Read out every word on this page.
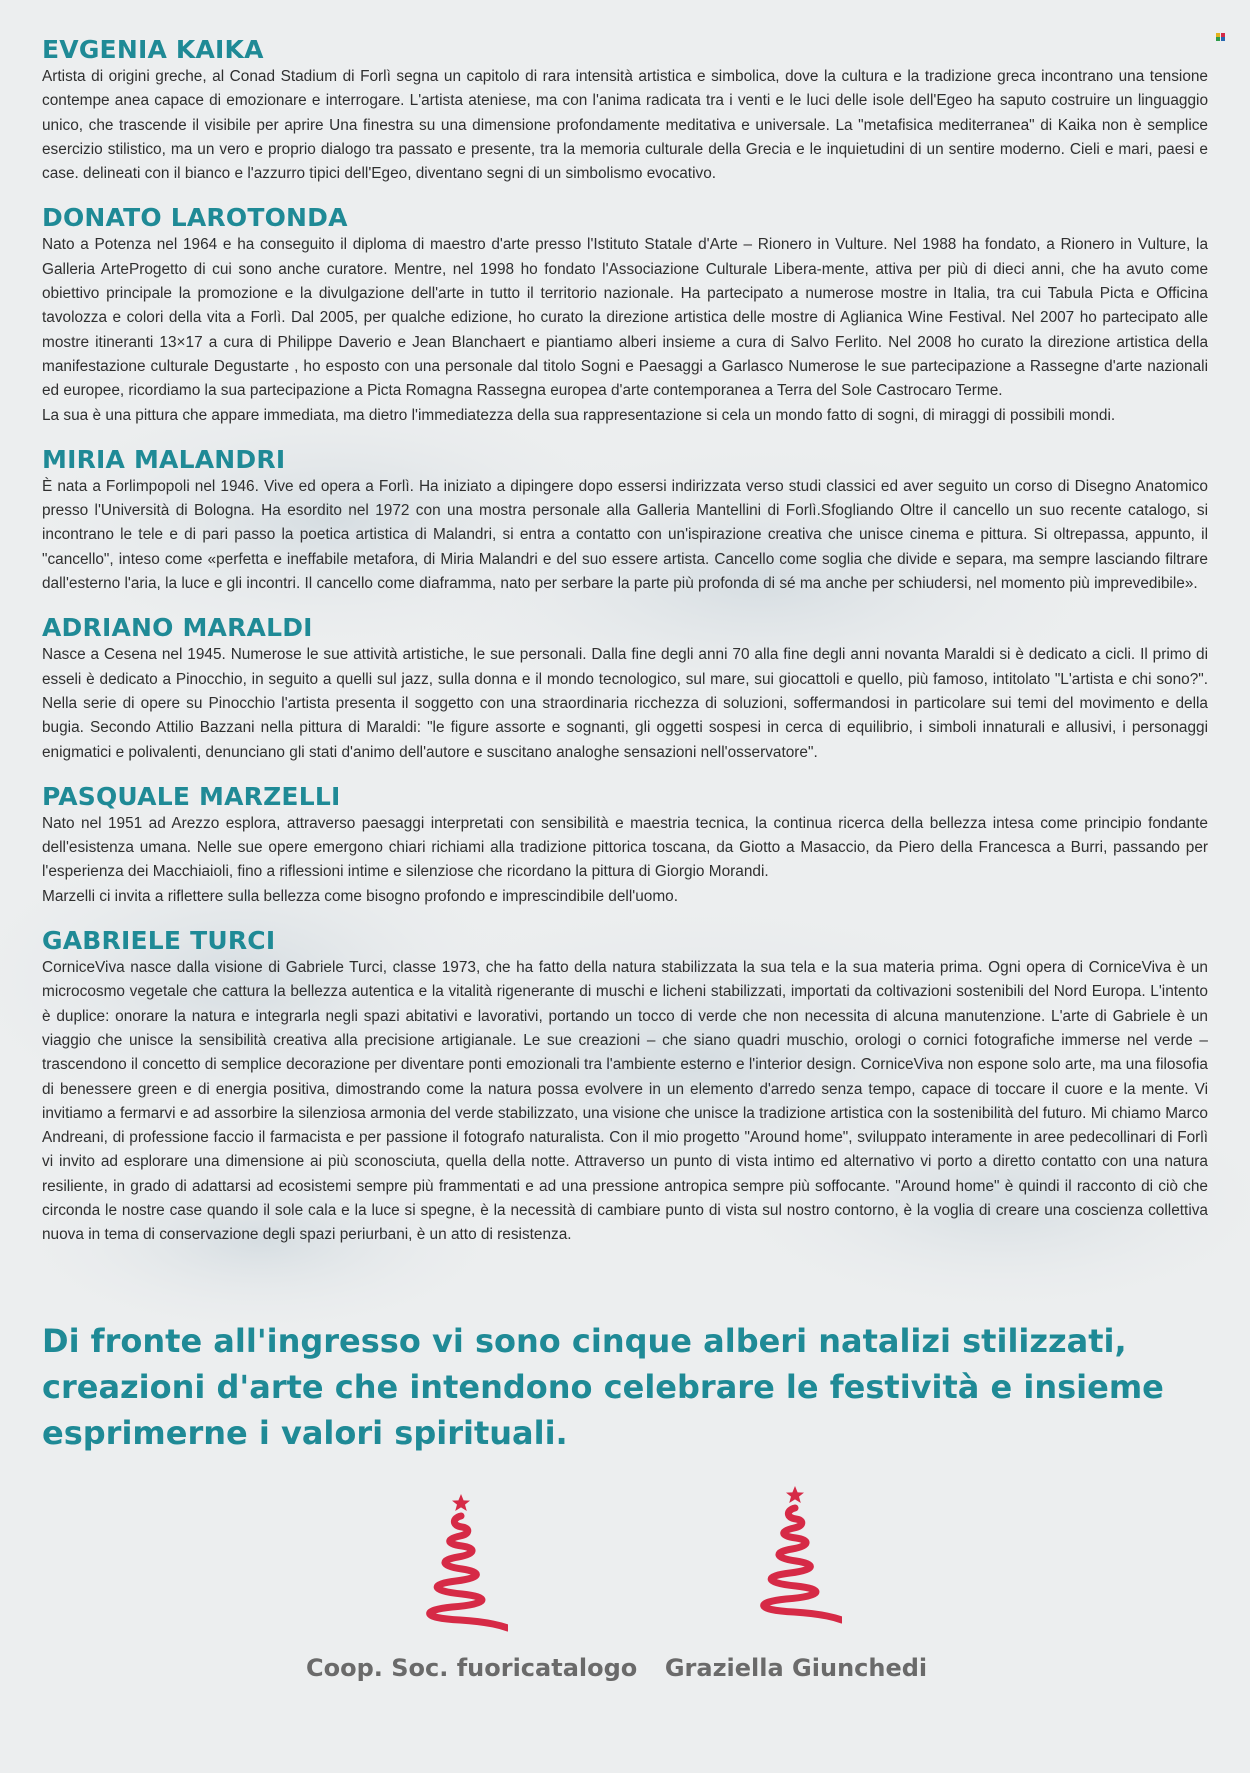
EVGENIA KAIKA

Artista di origini greche, al Conad Stadium di Forlì segna un capitolo di rara intensità artistica e simbolica, dove la cultura e la tradizione greca incontrano una tensione contempe anea capace di emozionare e interrogare. L'artista ateniese, ma con l'anima radicata tra i venti e le luci delle isole dell'Egeo ha saputo costruire un linguaggio unico, che trascende il visibile per aprire Una finestra su una dimensione profondamente meditativa e universale. La "metafisica mediterranea" di Kaika non è semplice esercizio stilistico, ma un vero e proprio dialogo tra passato e presente, tra la memoria culturale della Grecia e le inquietudini di un sentire moderno. Cieli e mari, paesi e case. delineati con il bianco e l'azzurro tipici dell'Egeo, diventano segni di un simbolismo evocativo.

DONATO LAROTONDA

Nato a Potenza nel 1964 e ha conseguito il diploma di maestro d'arte presso l'Istituto Statale d'Arte – Rionero in Vulture. Nel 1988 ha fondato, a Rionero in Vulture, la Galleria ArteProgetto di cui sono anche curatore. Mentre, nel 1998 ho fondato l'Associazione Culturale Libera-mente, attiva per più di dieci anni, che ha avuto come obiettivo principale la promozione e la divulgazione dell'arte in tutto il territorio nazionale. Ha partecipato a numerose mostre in Italia, tra cui Tabula Picta e Officina tavolozza e colori della vita a Forlì. Dal 2005, per qualche edizione, ho curato la direzione artistica delle mostre di Aglianica Wine Festival. Nel 2007 ho partecipato alle mostre itineranti 13×17 a cura di Philippe Daverio e Jean Blanchaert e piantiamo alberi insieme a cura di Salvo Ferlito. Nel 2008 ho curato la direzione artistica della manifestazione culturale Degustarte , ho esposto con una personale dal titolo Sogni e Paesaggi a Garlasco Numerose le sue partecipazione a Rassegne d'arte nazionali ed europee, ricordiamo la sua partecipazione a Picta Romagna Rassegna europea d'arte contemporanea a Terra del Sole Castrocaro Terme.

La sua è una pittura che appare immediata, ma dietro l'immediatezza della sua rappresentazione si cela un mondo fatto di sogni, di miraggi di possibili mondi.

MIRIA MALANDRI

È nata a Forlimpopoli nel 1946. Vive ed opera a Forlì. Ha iniziato a dipingere dopo essersi indirizzata verso studi classici ed aver seguito un corso di Disegno Anatomico presso l'Università di Bologna. Ha esordito nel 1972 con una mostra personale alla Galleria Mantellini di Forlì.Sfogliando Oltre il cancello un suo recente catalogo, si incontrano le tele e di pari passo la poetica artistica di Malandri, si entra a contatto con un'ispirazione creativa che unisce cinema e pittura. Si oltrepassa, appunto, il "cancello", inteso come «perfetta e ineffabile metafora, di Miria Malandri e del suo essere artista. Cancello come soglia che divide e separa, ma sempre lasciando filtrare dall'esterno l'aria, la luce e gli incontri. Il cancello come diaframma, nato per serbare la parte più profonda di sé ma anche per schiudersi, nel momento più imprevedibile».

ADRIANO MARALDI

Nasce a Cesena nel 1945. Numerose le sue attività artistiche, le sue personali. Dalla fine degli anni 70 alla fine degli anni novanta Maraldi si è dedicato a cicli. Il primo di esseli è dedicato a Pinocchio, in seguito a quelli sul jazz, sulla donna e il mondo tecnologico, sul mare, sui giocattoli e quello, più famoso, intitolato "L'artista e chi sono?". Nella serie di opere su Pinocchio l'artista presenta il soggetto con una straordinaria ricchezza di soluzioni, soffermandosi in particolare sui temi del movimento e della bugia. Secondo Attilio Bazzani nella pittura di Maraldi: "le figure assorte e sognanti, gli oggetti sospesi in cerca di equilibrio, i simboli innaturali e allusivi, i personaggi enigmatici e polivalenti, denunciano gli stati d'animo dell'autore e suscitano analoghe sensazioni nell'osservatore".

PASQUALE MARZELLI

Nato nel 1951 ad Arezzo esplora, attraverso paesaggi interpretati con sensibilità e maestria tecnica, la continua ricerca della bellezza intesa come principio fondante dell'esistenza umana. Nelle sue opere emergono chiari richiami alla tradizione pittorica toscana, da Giotto a Masaccio, da Piero della Francesca a Burri, passando per l'esperienza dei Macchiaioli, fino a riflessioni intime e silenziose che ricordano la pittura di Giorgio Morandi.

Marzelli ci invita a riflettere sulla bellezza come bisogno profondo e imprescindibile dell'uomo.

GABRIELE TURCI

CorniceViva nasce dalla visione di Gabriele Turci, classe 1973, che ha fatto della natura stabilizzata la sua tela e la sua materia prima. Ogni opera di CorniceViva è un microcosmo vegetale che cattura la bellezza autentica e la vitalità rigenerante di muschi e licheni stabilizzati, importati da coltivazioni sostenibili del Nord Europa. L'intento è duplice: onorare la natura e integrarla negli spazi abitativi e lavorativi, portando un tocco di verde che non necessita di alcuna manutenzione. L'arte di Gabriele è un viaggio che unisce la sensibilità creativa alla precisione artigianale. Le sue creazioni – che siano quadri muschio, orologi o cornici fotografiche immerse nel verde – trascendono il concetto di semplice decorazione per diventare ponti emozionali tra l'ambiente esterno e l'interior design. CorniceViva non espone solo arte, ma una filosofia di benessere green e di energia positiva, dimostrando come la natura possa evolvere in un elemento d'arredo senza tempo, capace di toccare il cuore e la mente. Vi invitiamo a fermarvi e ad assorbire la silenziosa armonia del verde stabilizzato, una visione che unisce la tradizione artistica con la sostenibilità del futuro. Mi chiamo Marco Andreani, di professione faccio il farmacista e per passione il fotografo naturalista. Con il mio progetto "Around home", sviluppato interamente in aree pedecollinari di Forlì vi invito ad esplorare una dimensione ai più sconosciuta, quella della notte. Attraverso un punto di vista intimo ed alternativo vi porto a diretto contatto con una natura resiliente, in grado di adattarsi ad ecosistemi sempre più frammentati e ad una pressione antropica sempre più soffocante. "Around home" è quindi il racconto di ciò che circonda le nostre case quando il sole cala e la luce si spegne, è la necessità di cambiare punto di vista sul nostro contorno, è la voglia di creare una coscienza collettiva nuova in tema di conservazione degli spazi periurbani, è un atto di resistenza.

Di fronte all'ingresso vi sono cinque alberi natalizi stilizzati, creazioni d'arte che intendono celebrare le festività e insieme esprimerne i valori spirituali.
Coop. Soc. fuoricatalogo	Graziella Giunchedi
